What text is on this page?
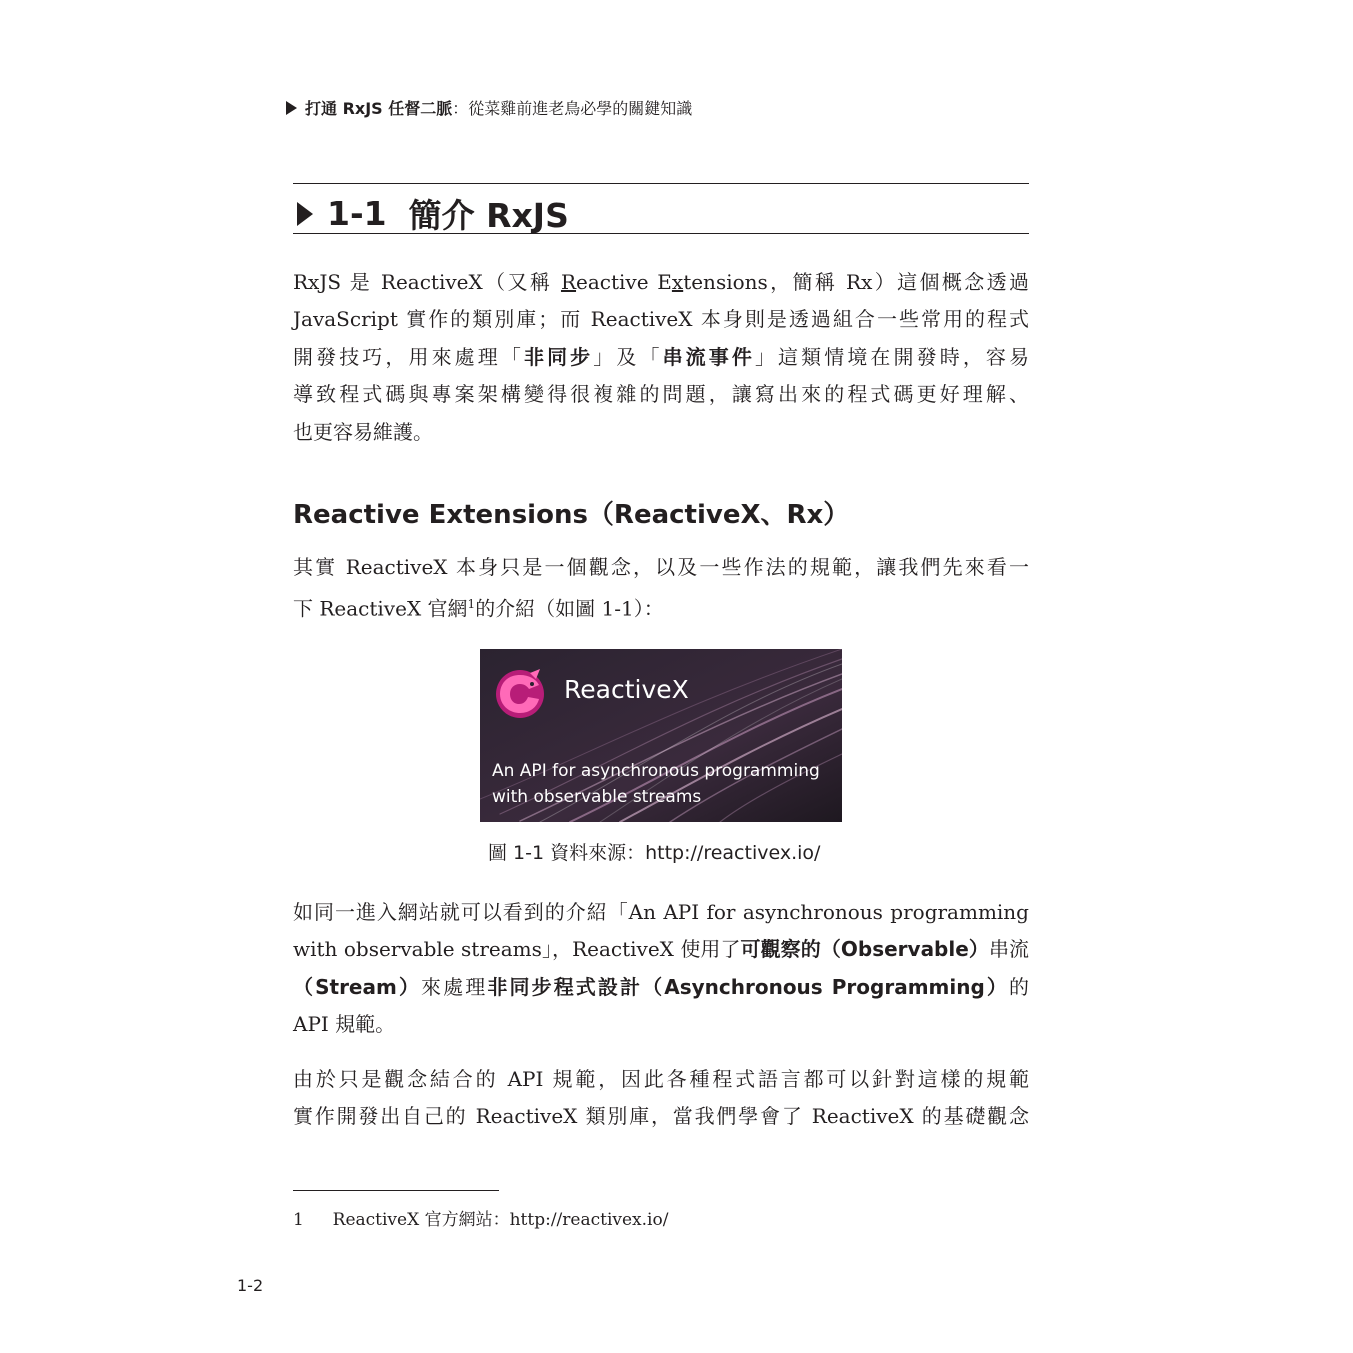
打通 RxJS 任督二脈 ：從菜雞前進老鳥必學的關鍵知識
1-1 簡介 RxJS
RxJS 是 ReactiveX（又稱 Reactive Extensions，簡稱 Rx）這個概念透過
JavaScript 實作的類別庫；而 ReactiveX 本身則是透過組合一些常用的程式
開發技巧，用來處理「非同步」及「串流事件」這類情境在開發時，容易
導致程式碼與專案架構變得很複雜的問題，讓寫出來的程式碼更好理解、
也更容易維護。
Reactive Extensions（ReactiveX、Rx）
其實 ReactiveX 本身只是一個觀念，以及一些作法的規範，讓我們先來看一
下 ReactiveX 官網$^1$的介紹（如圖 1-1）：
ReactiveX
An API for asynchronous programming
with observable streams
圖 1-1 資料來源：http://reactivex.io/
如同一進入網站就可以看到的介紹「An API for asynchronous programming
with observable streams」，ReactiveX 使用了可觀察的（Observable）串流
（Stream）來處理非同步程式設計（Asynchronous Programming）的
API 規範。
由於只是觀念結合的 API 規範，因此各種程式語言都可以針對這樣的規範
實作開發出自己的 ReactiveX 類別庫，當我們學會了 ReactiveX 的基礎觀念
1 ReactiveX 官方網站：http://reactivex.io/
1-2
